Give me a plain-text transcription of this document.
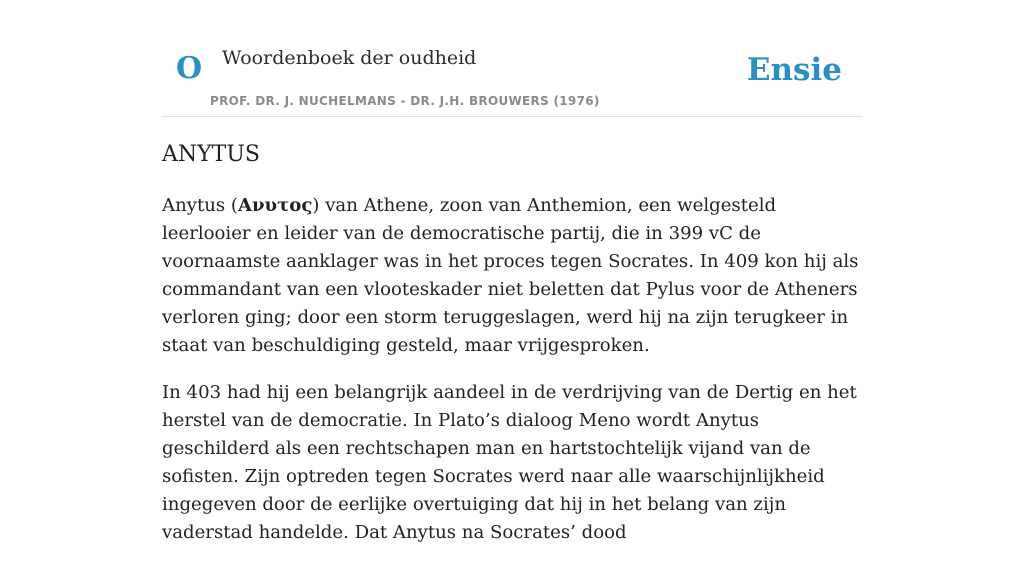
O Woordenboek der oudheid
PROF. DR. J. NUCHELMANS - DR. J.H. BROUWERS (1976)
Ensie
ANYTUS

Anytus (Ανυτος) van Athene, zoon van Anthemion, een welgesteld leerlooier en leider van de democratische partij, die in 399 vC de voornaamste aanklager was in het proces tegen Socrates. In 409 kon hij als commandant van een vlooteskader niet beletten dat Pylus voor de Atheners verloren ging; door een storm teruggeslagen, werd hij na zijn terugkeer in staat van beschuldiging gesteld, maar vrijgesproken.

In 403 had hij een belangrijk aandeel in de verdrijving van de Dertig en het herstel van de democratie. In Plato’s dialoog Meno wordt Anytus geschilderd als een rechtschapen man en hartstochtelijk vijand van de sofisten. Zijn optreden tegen Socrates werd naar alle waarschijnlijkheid ingegeven door de eerlijke overtuiging dat hij in het belang van zijn vaderstad handelde. Dat Anytus na Socrates’ dood
